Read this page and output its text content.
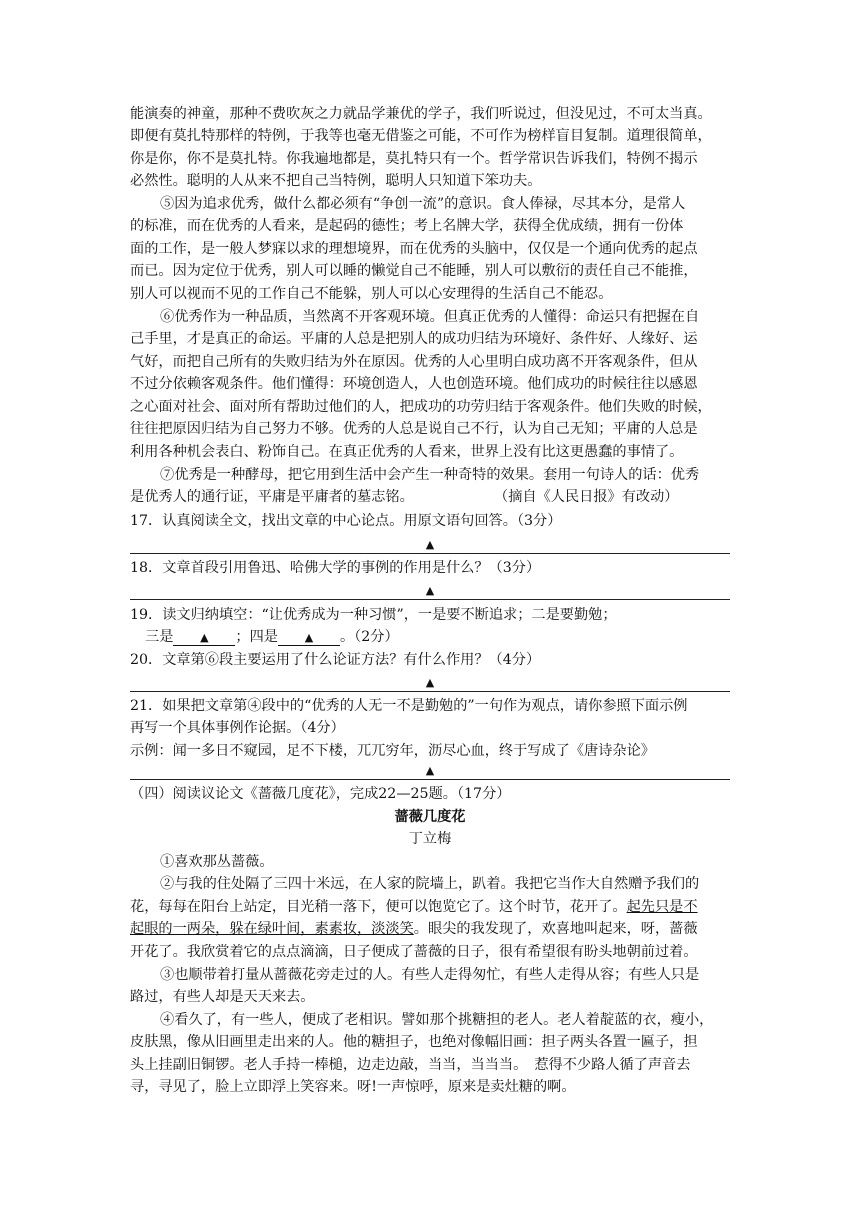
能演奏的神童，那种不费吹灰之力就品学兼优的学子，我们听说过，但没见过，不可太当真。
即便有莫扎特那样的特例，于我等也毫无借鉴之可能，不可作为榜样盲目复制。道理很简单，
你是你，你不是莫扎特。你我遍地都是，莫扎特只有一个。哲学常识告诉我们，特例不揭示
必然性。聪明的人从来不把自己当特例，聪明人只知道下笨功夫。
⑤因为追求优秀，做什么都必须有“争创一流”的意识。食人俸禄，尽其本分，是常人
的标准，而在优秀的人看来，是起码的德性；考上名牌大学，获得全优成绩，拥有一份体
面的工作，是一般人梦寐以求的理想境界，而在优秀的头脑中，仅仅是一个通向优秀的起点
而已。因为定位于优秀，别人可以睡的懒觉自己不能睡，别人可以敷衍的责任自己不能推，
别人可以视而不见的工作自己不能躲，别人可以心安理得的生活自己不能忍。
⑥优秀作为一种品质，当然离不开客观环境。但真正优秀的人懂得：命运只有把握在自
己手里，才是真正的命运。平庸的人总是把别人的成功归结为环境好、条件好、人缘好、运
气好，而把自己所有的失败归结为外在原因。优秀的人心里明白成功离不开客观条件，但从
不过分依赖客观条件。他们懂得：环境创造人，人也创造环境。他们成功的时候往往以感恩
之心面对社会、面对所有帮助过他们的人，把成功的功劳归结于客观条件。他们失败的时候，
往往把原因归结为自己努力不够。优秀的人总是说自己不行，认为自己无知；平庸的人总是
利用各种机会表白、粉饰自己。在真正优秀的人看来，世界上没有比这更愚蠢的事情了。
⑦优秀是一种酵母，把它用到生活中会产生一种奇特的效果。套用一句诗人的话：优秀
是优秀人的通行证，平庸是平庸者的墓志铭。	（摘自《人民日报》有改动）
17．认真阅读全文，找出文章的中心论点。用原文语句回答。（3分）
▲
18．文章首段引用鲁迅、哈佛大学的事例的作用是什么？（3分）
▲
19．读文归纳填空：“让优秀成为一种习惯”，一是要不断追求；二是要勤勉；
三是 ▲ ；四是 ▲ 。（2分）
20．文章第⑥段主要运用了什么论证方法？有什么作用？（4分）
▲
21．如果把文章第④段中的“优秀的人无一不是勤勉的”一句作为观点，请你参照下面示例
再写一个具体事例作论据。（4分）
示例：闻一多日不窥园，足不下楼，兀兀穷年，沥尽心血，终于写成了《唐诗杂论》
▲
（四）阅读议论文《蔷薇几度花》，完成22—25题。（17分）
蔷薇几度花
丁立梅
①喜欢那丛蔷薇。
②与我的住处隔了三四十米远，在人家的院墙上，趴着。我把它当作大自然赠予我们的
花，每每在阳台上站定，目光稍一落下，便可以饱览它了。这个时节，花开了。起先只是不
起眼的一两朵，躲在绿叶间，素素妆，淡淡笑。眼尖的我发现了，欢喜地叫起来，呀，蔷薇
开花了。我欣赏着它的点点滴滴，日子便成了蔷薇的日子，很有希望很有盼头地朝前过着。
③也顺带着打量从蔷薇花旁走过的人。有些人走得匆忙，有些人走得从容；有些人只是
路过，有些人却是天天来去。
④看久了，有一些人，便成了老相识。譬如那个挑糖担的老人。老人着靛蓝的衣，瘦小，
皮肤黑，像从旧画里走出来的人。他的糖担子，也绝对像幅旧画：担子两头各置一匾子，担
头上挂副旧铜锣。老人手持一棒槌，边走边敲，当当，当当当。　惹得不少路人循了声音去
寻，寻见了，脸上立即浮上笑容来。呀!一声惊呼，原来是卖灶糖的啊。
